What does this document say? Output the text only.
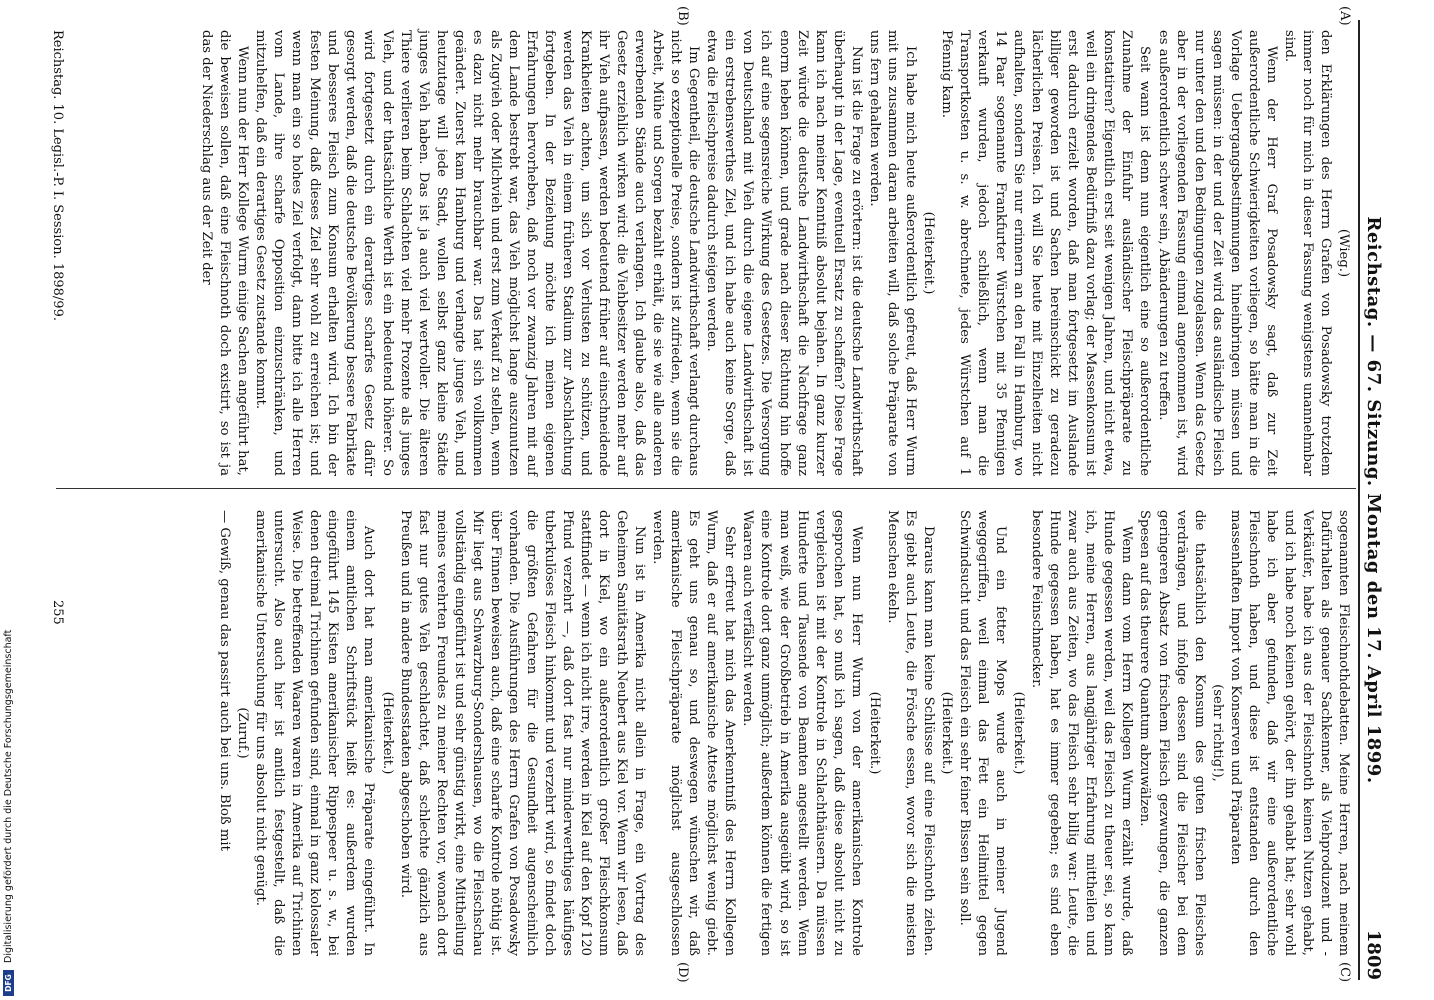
Reichstag. — 67. Sitzung. Montag den 17. April 1899.
1809
(A)
(B)
(C)
(D)

(Wieg.)

den Erklärungen des Herrn Grafen von Posadowsky trotzdem immer noch für mich in dieser Fassung wenigstens unannehmbar sind.

Wenn der Herr Graf Posadowsky sagt, daß zur Zeit außerordentliche Schwierigkeiten vorliegen, so hätte man in die Vorlage Uebergangsbestimmungen hineinbringen müssen und sagen müssen: in der und der Zeit wird das ausländische Fleisch nur unter den und den Bedingungen zugelassen. Wenn das Gesetz aber in der vorliegenden Fassung einmal angenommen ist, wird es außerordentlich schwer sein, Abänderungen zu treffen.

Seit wann ist denn nun eigentlich eine so außerordentliche Zunahme der Einfuhr ausländischer Fleischpräparate zu konstatiren? Eigentlich erst seit wenigen Jahren, und nicht etwa, weil ein dringendes Bedürfniß dazu vorlag; der Massenkonsum ist erst dadurch erzielt worden, daß man fortgesetzt im Auslande billiger geworden ist und Sachen hereinschickt zu geradezu lächerlichen Preisen. Ich will Sie heute mit Einzelheiten nicht aufhalten, sondern Sie nur erinnern an den Fall in Hamburg, wo 14 Paar sogenannte Frankfurter Würstchen mit 35 Pfennigen verkauft wurden, jedoch schließlich, wenn man die Transportkosten u. s. w. abrechnete, jedes Würstchen auf 1 Pfennig kam.

(Heiterkeit.)

Ich habe mich heute außerordentlich gefreut, daß Herr Wurm mit uns zusammen daran arbeiten will, daß solche Präparate von uns fern gehalten werden.

Nun ist die Frage zu erörtern: ist die deutsche Landwirthschaft überhaupt in der Lage, eventuell Ersatz zu schaffen? Diese Frage kann ich nach meiner Kenntniß absolut bejahen. In ganz kurzer Zeit würde die deutsche Landwirthschaft die Nachfrage ganz enorm heben können, und grade nach dieser Richtung hin hoffe ich auf eine segensreiche Wirkung des Gesetzes. Die Versorgung von Deutschland mit Vieh durch die eigene Landwirthschaft ist ein erstrebenswerthes Ziel, und ich habe auch keine Sorge, daß etwa die Fleischpreise dadurch steigen werden.

Im Gegentheil, die deutsche Landwirthschaft verlangt durchaus nicht so exzeptionelle Preise, sondern ist zufrieden, wenn sie die Arbeit, Mühe und Sorgen bezahlt erhält, die sie wie alle anderen erwerbenden Stände auch verlangen. Ich glaube also, daß das Gesetz erziehlich wirken wird: die Viehbesitzer werden mehr auf ihr Vieh aufpassen, werden bedeutend früher auf einschneidende Krankheiten achten, um sich vor Verlusten zu schützen, und werden das Vieh in einem früheren Stadium zur Abschlachtung fortgeben. In der Beziehung möchte ich meinen eigenen Erfahrungen hervorheben, daß noch vor zwanzig Jahren mit auf dem Lande bestrebt war, das Vieh möglichst lange auszunutzen als Zugvieh oder Milchvieh und erst zum Verkauf zu stellen, wenn es dazu nicht mehr brauchbar war. Das hat sich vollkommen geändert. Zuerst kam Hamburg und verlangte junges Vieh, und heutzutage will jede Stadt, wollen selbst ganz kleine Städte junges Vieh haben. Das ist ja auch viel wertvoller. Die älteren Thiere verlieren beim Schlachten viel mehr Prozente als junges Vieh, und der thatsächliche Werth ist ein bedeutend höherer. So wird fortgesetzt durch ein derartiges scharfes Gesetz dafür gesorgt werden, daß die deutsche Bevölkerung bessere Fabrikate und besseres Fleisch zum Konsum erhalten wird. Ich bin der festen Meinung, daß dieses Ziel sehr wohl zu erreichen ist; und wenn man ein so hohes Ziel verfolgt, dann bitte ich alle Herren vom Lande, ihre scharfe Opposition einzuschränken, und mitzuhelfen, daß ein derartiges Gesetz zustande kommt.

Wenn nun der Herr Kollege Wurm einige Sachen angeführt hat, die beweisen sollen, daß eine Fleischnoth doch existirt, so ist ja das der Niederschlag aus der Zeit der

sogenannten Fleischnothdebatten. Meine Herren, nach meinem Dafürhalten als genauer Sachkenner, als Viehproduzent und -Verkäufer, habe ich aus der Fleischnoth keinen Nutzen gehabt, und ich habe noch keinen gehört, der ihn gehabt hat; sehr wohl habe ich aber gefunden, daß wir eine außerordentliche Fleischnoth haben, und diese ist entstanden durch den massenhaften Import von Konserven und Präparaten

(sehr richtig!),

die thatsächlich den Konsum des guten frischen Fleisches verdrängen, und infolge dessen sind die Fleischer bei dem geringeren Absatz von frischem Fleisch gezwungen, die ganzen Spesen auf das theurere Quantum abzuwälzen.

Wenn dann vom Herrn Kollegen Wurm erzählt wurde, daß Hunde gegessen werden, weil das Fleisch zu theuer sei, so kann ich, meine Herren, aus langjähriger Erfahrung mittheilen und zwar auch aus Zeiten, wo das Fleisch sehr billig war: Leute, die Hunde gegessen haben, hat es immer gegeben; es sind eben besondere Feinschmecker.

(Heiterkeit.)

Und ein fetter Mops wurde auch in meiner Jugend weggegriffen, weil einmal das Fett ein Heilmittel gegen Schwindsucht und das Fleisch ein sehr feiner Bissen sein soll.

(Heiterkeit.)

Daraus kann man keine Schlüsse auf eine Fleischnoth ziehen. Es giebt auch Leute, die Frösche essen, wovor sich die meisten Menschen ekeln.

(Heiterkeit.)

Wenn nun Herr Wurm von der amerikanischen Kontrole gesprochen hat, so muß ich sagen, daß diese absolut nicht zu vergleichen ist mit der Kontrole in Schlachthäusern. Da müssen Hunderte und Tausende von Beamten angestellt werden. Wenn man weiß, wie der Großbetrieb in Amerika ausgeübt wird, so ist eine Kontrole dort ganz unmöglich; außerdem können die fertigen Waaren auch verfälscht werden.

Sehr erfreut hat mich das Anerkenntniß des Herrn Kollegen Wurm, daß er auf amerikanische Atteste möglichst wenig giebt. Es geht uns genau so, und deswegen wünschen wir, daß amerikanische Fleischpräparate möglichst ausgeschlossen werden.

Nun ist in Amerika nicht allein in Frage, ein Vortrag des Geheimen Sanitätsrath Neubert aus Kiel vor. Wenn wir lesen, daß dort in Kiel, wo ein außerordentlich großer Fleischkonsum stattfindet — wenn ich nicht irre, werden in Kiel auf den Kopf 120 Pfund verzehrt —, daß dort fast nur minderwerthiges häufiges tuberkulöses Fleisch hinkommt und verzehrt wird, so findet doch die größten Gefahren für die Gesundheit augenscheinlich vorhanden. Die Ausführungen des Herrn Grafen von Posadowsky über Finnen beweisen auch, daß eine scharfe Kontrole nöthig ist. Mir liegt aus Schwarzburg-Sondershausen, wo die Fleischschau vollständig eingeführt ist und sehr günstig wirkt, eine Mittheilung meines verehrten Freundes zu meiner Rechten vor, wonach dort fast nur gutes Vieh geschlachtet, daß schlechte gänzlich aus Preußen und in andere Bundesstaaten abgeschoben wird.

(Heiterkeit.)

Auch dort hat man amerikanische Präparate eingeführt. In einem amtlichen Schriftstück heißt es: außerdem wurden eingeführt 145 Kisten amerikanischer Rippespeer u. s. w., bei denen dreimal Trichinen gefunden sind, einmal in ganz kolossaler Weise. Die betreffenden Waaren waren in Amerika auf Trichinen untersucht. Also auch hier ist amtlich festgestellt, daß die amerikanische Untersuchung für uns absolut nicht genügt.

(Zuruf.)

— Gewiß, genau das passirt auch bei uns. Bloß mit

Reichstag. 10. Legisl.-P. I. Session. 1898/99.
255
DFG Digitalisierung gefördert durch die Deutsche Forschungsgemeinschaft
